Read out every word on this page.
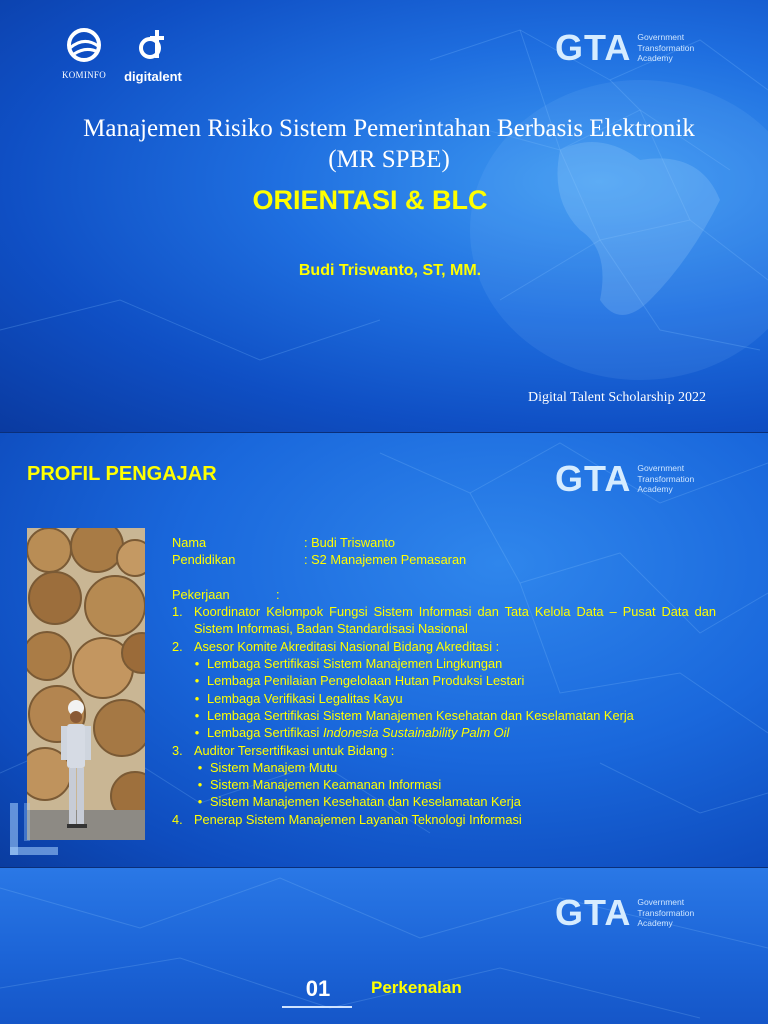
KOMINFO	digitalent
GTA Government
Transformation
Academy
Manajemen Risiko Sistem Pemerintahan Berbasis Elektronik
(MR SPBE)
ORIENTASI & BLC
Budi Triswanto, ST, MM.
Digital Talent Scholarship 2022
PROFIL PENGAJAR	GTA Government
Transformation
Academy
Nama	: Budi Triswanto
Pendidikan	: S2 Manajemen Pemasaran
Pekerjaan	:
1. Koordinator Kelompok Fungsi Sistem Informasi dan Tata Kelola Data – Pusat Data dan Sistem Informasi, Badan Standardisasi Nasional
2. Asesor Komite Akreditasi Nasional Bidang Akreditasi :
• Lembaga Sertifikasi Sistem Manajemen Lingkungan
• Lembaga Penilaian Pengelolaan Hutan Produksi Lestari
• Lembaga Verifikasi Legalitas Kayu
• Lembaga Sertifikasi Sistem Manajemen Kesehatan dan Keselamatan Kerja
• Lembaga Sertifikasi Indonesia Sustainability Palm Oil
3. Auditor Tersertifikasi untuk Bidang :
• Sistem Manajem Mutu
• Sistem Manajemen Keamanan Informasi
• Sistem Manajemen Kesehatan dan Keselamatan Kerja
4. Penerap Sistem Manajemen Layanan Teknologi Informasi
GTA Government
Transformation
Academy
01	Perkenalan
